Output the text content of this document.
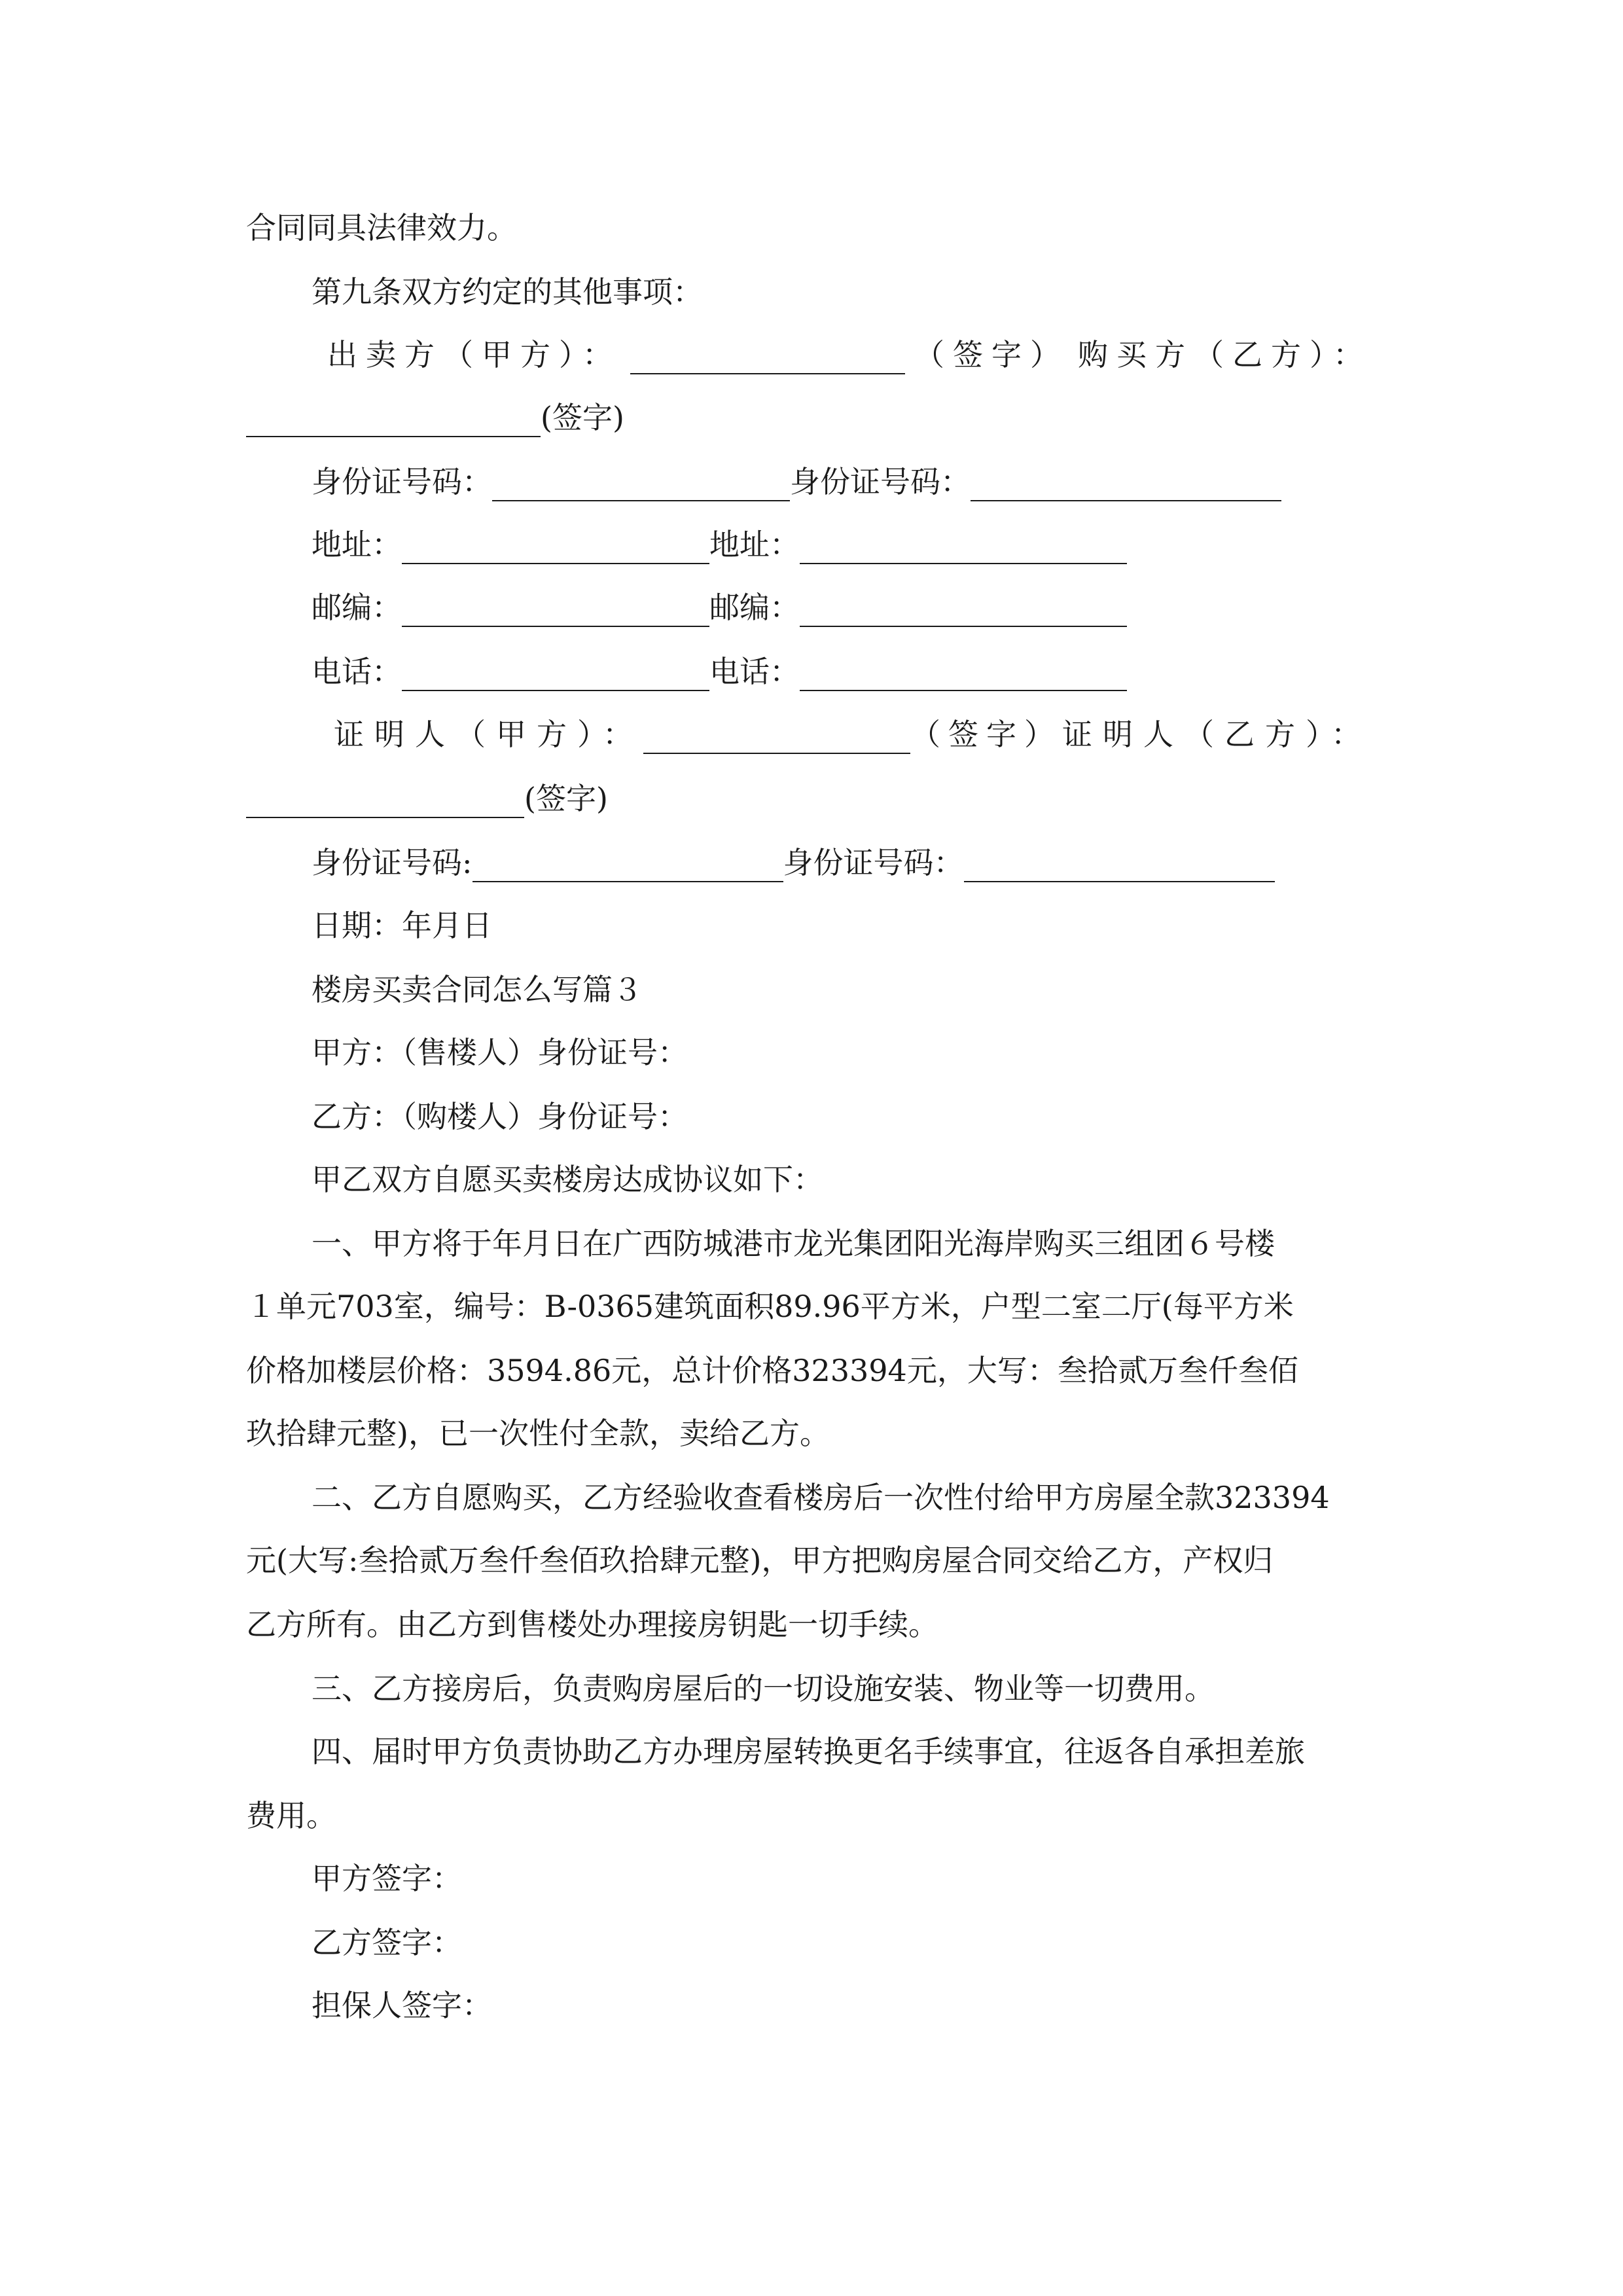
合同同具法律效力。
第九条双方约定的其他事项：
出卖方（甲方）：	（签字） 购买方（乙方）：
(签字)
身份证号码：	身份证号码：
地址：	地址：
邮编：	邮编：
电话：	电话：
证明人（甲方）：	（签字） 证明人（乙方）：
(签字)
身份证号码:	身份证号码：
日期：年月日
楼房买卖合同怎么写篇３
甲方：（售楼人）身份证号：
乙方：（购楼人）身份证号：
甲乙双方自愿买卖楼房达成协议如下：
一、甲方将于年月日在广西防城港市龙光集团阳光海岸购买三组团６号楼
１单元703室，编号：B-0365建筑面积89.96平方米，户型二室二厅(每平方米
价格加楼层价格：3594.86元，总计价格323394元，大写：叁拾贰万叁仟叁佰
玖拾肆元整)，已一次性付全款，卖给乙方。
二、乙方自愿购买，乙方经验收查看楼房后一次性付给甲方房屋全款323394
元(大写:叁拾贰万叁仟叁佰玖拾肆元整)，甲方把购房屋合同交给乙方，产权归
乙方所有。由乙方到售楼处办理接房钥匙一切手续。
三、乙方接房后，负责购房屋后的一切设施安装、物业等一切费用。
四、届时甲方负责协助乙方办理房屋转换更名手续事宜，往返各自承担差旅
费用。
甲方签字：
乙方签字：
担保人签字：
